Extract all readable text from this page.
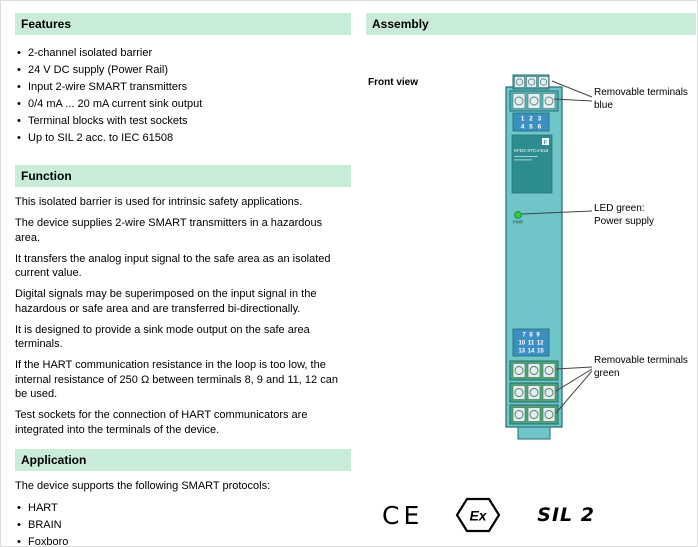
Features
• 2-channel isolated barrier
• 24 V DC supply (Power Rail)
• Input 2-wire SMART transmitters
• 0/4 mA ... 20 mA current sink output
• Terminal blocks with test sockets
• Up to SIL 2 acc. to IEC 61508
Function

This isolated barrier is used for intrinsic safety applications.

The device supplies 2-wire SMART transmitters in a hazardous area.

It transfers the analog input signal to the safe area as an isolated current value.

Digital signals may be superimposed on the input signal in the hazardous or safe area and are transferred bi-directionally.

It is designed to provide a sink mode output on the safe area terminals.

If the HART communication resistance in the loop is too low, the internal resistance of 250 Ω between terminals 8, 9 and 11, 12 can be used.

Test sockets for the connection of HART communicators are integrated into the terminals of the device.

Application

The device supports the following SMART protocols:

• HART
• BRAIN
• Foxboro
Assembly
Front view
1 2 3
4 5 6
F
KFD2-STC4-Ex2
PWR
7 8 9
10 11 12
13 14 15
Removable terminals
blue
LED green:
Power supply
Removable terminals
green
CE	Ex	SIL 2
